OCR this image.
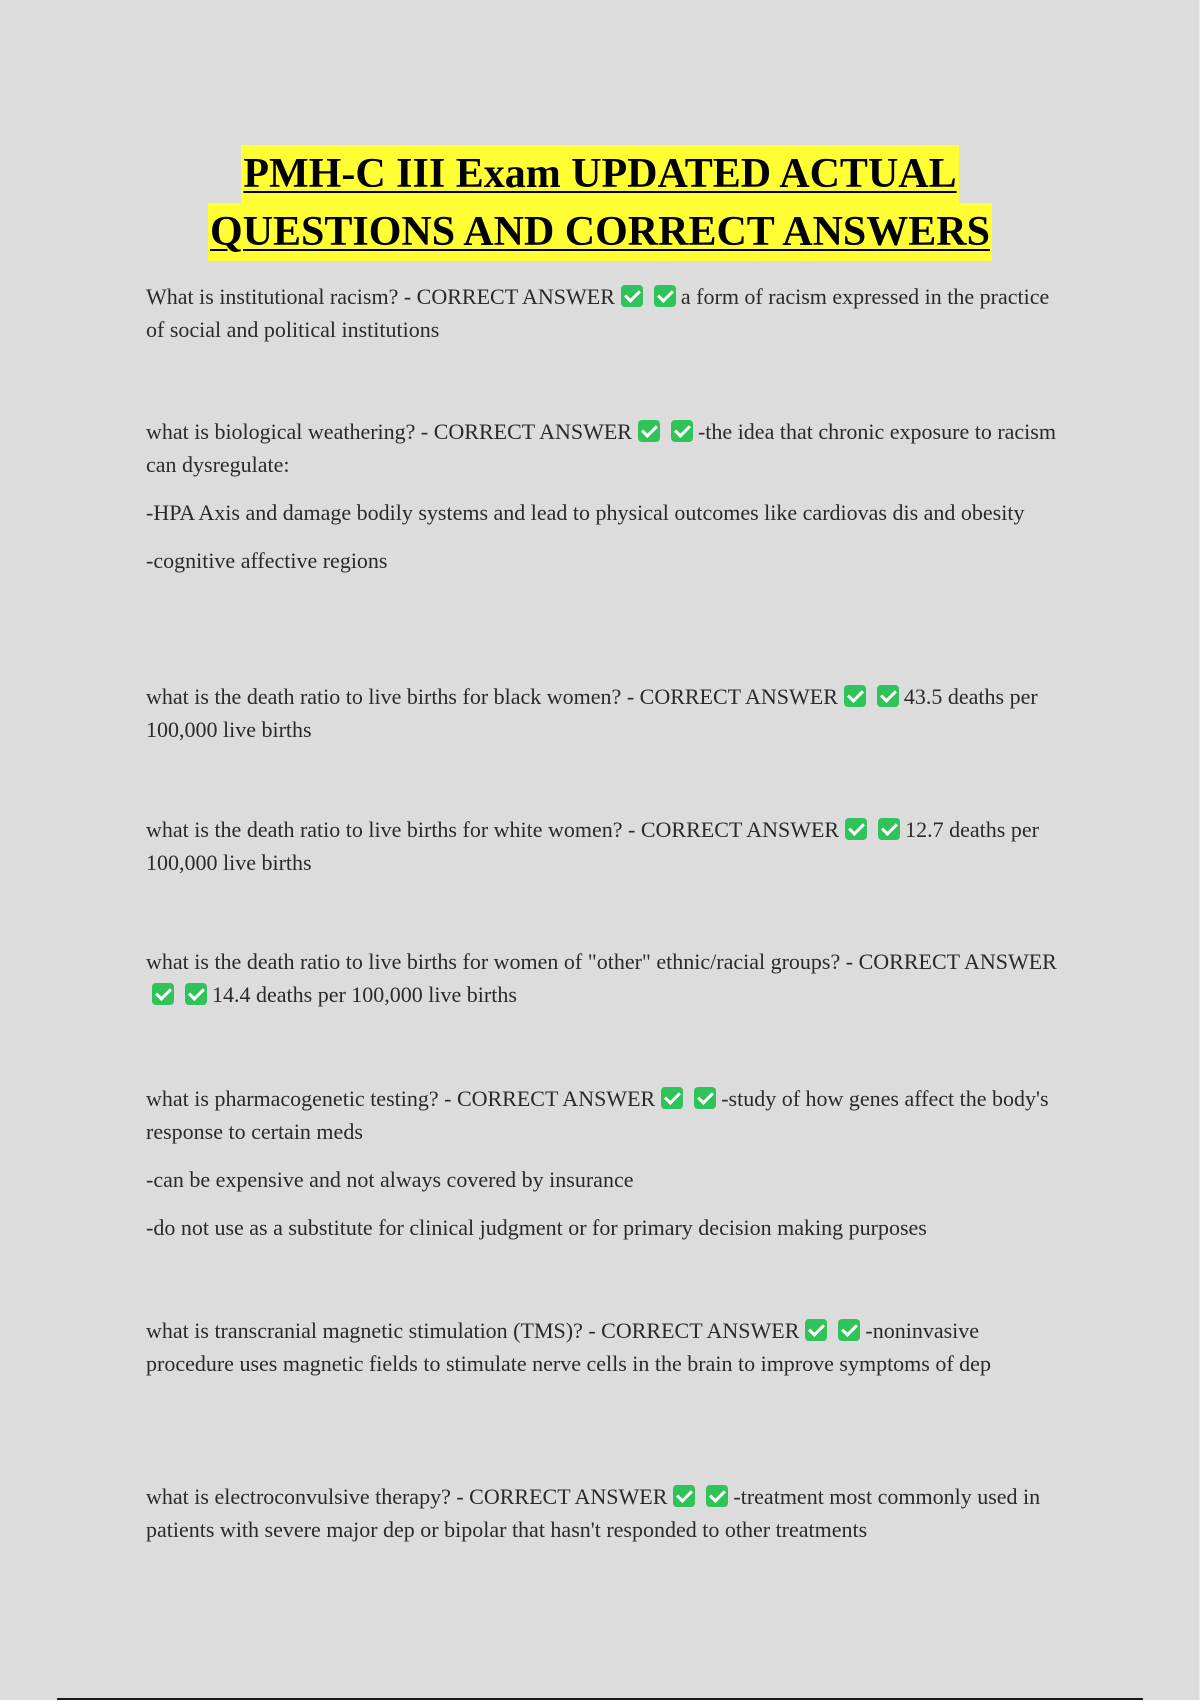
PMH-C III Exam UPDATED ACTUAL
QUESTIONS AND CORRECT ANSWERS

What is institutional racism? - CORRECT ANSWER	a form of racism expressed in the practice of social and political institutions

what is biological weathering? - CORRECT ANSWER	-the idea that chronic exposure to racism can dysregulate:

-HPA Axis and damage bodily systems and lead to physical outcomes like cardiovas dis and obesity

-cognitive affective regions

what is the death ratio to live births for black women? - CORRECT ANSWER	43.5 deaths per 100,000 live births

what is the death ratio to live births for white women? - CORRECT ANSWER	12.7 deaths per 100,000 live births

what is the death ratio to live births for women of "other" ethnic/racial groups? - CORRECT ANSWER14.4 deaths per 100,000 live births

what is pharmacogenetic testing? - CORRECT ANSWER	-study of how genes affect the body's response to certain meds

-can be expensive and not always covered by insurance

-do not use as a substitute for clinical judgment or for primary decision making purposes

what is transcranial magnetic stimulation (TMS)? - CORRECT ANSWER	-noninvasive procedure uses magnetic fields to stimulate nerve cells in the brain to improve symptoms of dep

what is electroconvulsive therapy? - CORRECT ANSWER	-treatment most commonly used in patients with severe major dep or bipolar that hasn't responded to other treatments
